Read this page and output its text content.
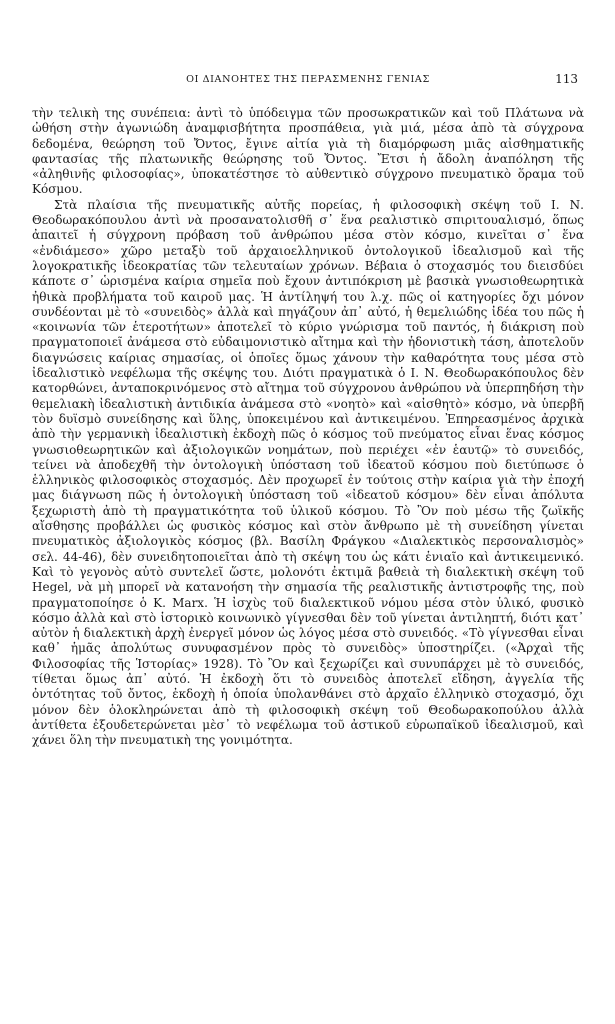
ΟΙ ΔΙΑΝΟΗΤΕΣ ΤΗΣ ΠΕΡΑΣΜΕΝΗΣ ΓΕΝΙΑΣ	113

τὴν τελικὴ της συνέπεια: ἀντὶ τὸ ὑπόδειγμα τῶν προσωκρατικῶν καὶ τοῦ Πλάτωνα νὰ ὠθήση στὴν ἀγωνιώδη ἀναμφισβήτητα προσπάθεια, γιὰ μιά, μέσα ἀπὸ τὰ σύγχρονα δεδομένα, θεώρηση τοῦ Ὄντος, ἔγινε αἰτία γιὰ τὴ διαμόρφωση μιᾶς αἰσθηματικῆς φαντασίας τῆς πλατωνικῆς θεώρησης τοῦ Ὄντος. Ἔτσι ἡ ἄδολη ἀναπόληση τῆς «ἀληθινῆς φιλοσοφίας», ὑποκατέστησε τὸ αὐθεντικὸ σύγχρονο πνευματικὸ ὅραμα τοῦ Κόσμου.

Στὰ πλαίσια τῆς πνευματικῆς αὐτῆς πορείας, ἡ φιλοσοφικὴ σκέψη τοῦ Ι. Ν. Θεοδωρακόπουλου ἀντὶ νὰ προσανατολισθῆ σ᾽ ἕνα ρεαλιστικὸ σπιριτουαλισμό, ὅπως ἀπαιτεῖ ἡ σύγχρονη πρόβαση τοῦ ἀνθρώπου μέσα στὸν κόσμο, κινεῖται σ᾽ ἕνα «ἐνδιάμεσο» χῶρο μεταξὺ τοῦ ἀρχαιοελληνικοῦ ὀντολογικοῦ ἰδεαλισμοῦ καὶ τῆς λογοκρατικῆς ἰδεοκρατίας τῶν τελευταίων χρόνων. Βέβαια ὁ στοχασμός του διεισδύει κάποτε σ᾽ ὡρισμένα καίρια σημεῖα ποὺ ἔχουν ἀντιπόκριση μὲ βασικὰ γνωσιοθεωρητικὰ ἠθικὰ προβλήματα τοῦ καιροῦ μας. Ἡ ἀντίληψή του λ.χ. πῶς οἱ κατηγορίες ὄχι μόνον συνδέονται μὲ τὸ «συνειδὸς» ἀλλὰ καὶ πηγάζουν ἀπ᾽ αὐτό, ἡ θεμελιώδης ἰδέα του πῶς ἡ «κοινωνία τῶν ἑτεροτήτων» ἀποτελεῖ τὸ κύριο γνώρισμα τοῦ παντός, ἡ διάκριση ποὺ πραγματοποιεῖ ἀνάμεσα στὸ εὐδαιμονιστικὸ αἴτημα καὶ τὴν ἡδονιστικὴ τάση, ἀποτελοῦν διαγνώσεις καίριας σημασίας, οἱ ὁποῖες ὅμως χάνουν τὴν καθαρότητα τους μέσα στὸ ἰδεαλιστικὸ νεφέλωμα τῆς σκέψης του. Διότι πραγματικὰ ὁ Ι. Ν. Θεοδωρακόπουλος δὲν κατορθώνει, ἀνταποκρινόμενος στὸ αἴτημα τοῦ σύγχρονου ἀνθρώπου νὰ ὑπερπηδήση τὴν θεμελιακὴ ἰδεαλιστικὴ ἀντιδικία ἀνάμεσα στὸ «νοητὸ» καὶ «αἰσθητὸ» κόσμο, νὰ ὑπερβῆ τὸν δυϊσμὸ συνείδησης καὶ ὕλης, ὑποκειμένου καὶ ἀντικειμένου. Ἐπηρεασμένος ἀρχικὰ ἀπὸ τὴν γερμανικὴ ἰδεαλιστικὴ ἐκδοχὴ πῶς ὁ κόσμος τοῦ πνεύματος εἶναι ἕνας κόσμος γνωσιοθεωρητικῶν καὶ ἀξιολογικῶν νοημάτων, ποὺ περιέχει «ἐν ἑαυτῷ» τὸ συνειδός, τείνει νὰ ἀποδεχθῆ τὴν ὀντολογικὴ ὑπόσταση τοῦ ἰδεατοῦ κόσμου ποὺ διετύπωσε ὁ ἑλληνικὸς φιλοσοφικὸς στοχασμός. Δὲν προχωρεῖ ἐν τούτοις στὴν καίρια γιὰ τὴν ἐποχή μας διάγνωση πῶς ἡ ὀντολογικὴ ὑπόσταση τοῦ «ἰδεατοῦ κόσμου» δὲν εἶναι ἀπόλυτα ξεχωριστὴ ἀπὸ τὴ πραγματικότητα τοῦ ὑλικοῦ κόσμου. Τὸ Ὂν ποὺ μέσω τῆς ζωϊκῆς αἴσθησης προβάλλει ὡς φυσικὸς κόσμος καὶ στὸν ἄνθρωπο μὲ τὴ συνείδηση γίνεται πνευματικὸς ἀξιολογικὸς κόσμος (βλ. Βασίλη Φράγκου «Διαλεκτικὸς περσοναλισμὸς» σελ. 44-46), δὲν συνειδητοποιεῖται ἀπὸ τὴ σκέψη του ὡς κάτι ἑνιαῖο καὶ ἀντικειμενικό. Καὶ τὸ γεγονὸς αὐτὸ συντελεῖ ὥστε, μολονότι ἐκτιμᾶ βαθειὰ τὴ διαλεκτικὴ σκέψη τοῦ Hegel, νὰ μὴ μπορεῖ νὰ κατανοήση τὴν σημασία τῆς ρεαλιστικῆς ἀντιστροφῆς της, ποὺ πραγματοποίησε ὁ K. Marx. Ἡ ἰσχὺς τοῦ διαλεκτικοῦ νόμου μέσα στὸν ὑλικό, φυσικὸ κόσμο ἀλλὰ καὶ στὸ ἱστορικὸ κοινωνικὸ γίγνεσθαι δὲν τοῦ γίνεται ἀντιληπτή, διότι κατ᾽ αὐτὸν ἡ διαλεκτικὴ ἀρχὴ ἐνεργεῖ μόνον ὡς λόγος μέσα στὸ συνειδός. «Τὸ γίγνεσθαι εἶναι καθ᾽ ἡμᾶς ἀπολύτως συνυφασμένον πρὸς τὸ συνειδὸς» ὑποστηρίζει. («Ἀρχαὶ τῆς Φιλοσοφίας τῆς Ἱστορίας» 1928). Τὸ Ὂν καὶ ξεχωρίζει καὶ συνυπάρχει μὲ τὸ συνειδός, τίθεται ὅμως ἀπ᾽ αὐτό. Ἡ ἐκδοχὴ ὅτι τὸ συνειδὸς ἀποτελεῖ εἴδηση, ἀγγελία τῆς ὀντότητας τοῦ ὄντος, ἐκδοχὴ ἡ ὁποία ὑπολανθάνει στὸ ἀρχαῖο ἑλληνικὸ στοχασμό, ὄχι μόνον δὲν ὁλοκληρώνεται ἀπὸ τὴ φιλοσοφικὴ σκέψη τοῦ Θεοδωρακοπούλου ἀλλὰ ἀντίθετα ἐξουδετερώνεται μὲσ᾽ τὸ νεφέλωμα τοῦ ἀστικοῦ εὐρωπαϊκοῦ ἰδεαλισμοῦ, καὶ χάνει ὅλη τὴν πνευματικὴ της γονιμότητα.
